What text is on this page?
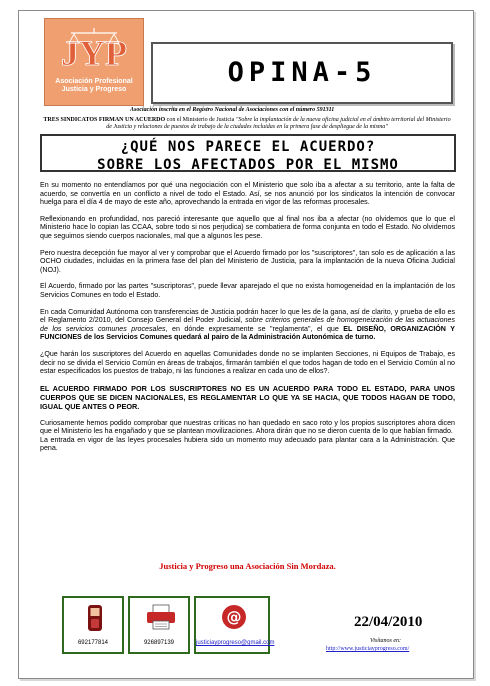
JYP
Asociación Profesional
Justicia y Progreso
OPINA-5
Asociación inscrita en el Registro Nacional de Asociaciones con el número 591311
TRES SINDICATOS FIRMAN UN ACUERDO con el Ministerio de Justicia "Sobre la implantación de la nueva oficina judicial en el ámbito territorial del Ministerio de Justicia y relaciones de puestos de trabajo de la ciudades incluidas en la primera fase de despliegue de la misma"
¿QUÉ NOS PARECE EL ACUERDO?
SOBRE LOS AFECTADOS POR EL MISMO

En su momento no entendíamos por qué una negociación con el Ministerio que solo iba a afectar a su territorio, ante la falta de acuerdo, se convertía en un conflicto a nivel de todo el Estado. Así, se nos anunció por los sindicatos la intención de convocar huelga para el día 4 de mayo de este año, aprovechando la entrada en vigor de las reformas procesales.

Reflexionando en profundidad, nos pareció interesante que aquello que al final nos iba a afectar (no olvidemos que lo que el Ministerio hace lo copian las CCAA, sobre todo si nos perjudica) se combatiera de forma conjunta en todo el Estado. No olvidemos que seguimos siendo cuerpos nacionales, mal que a algunos les pese.

Pero nuestra decepción fue mayor al ver y comprobar que el Acuerdo firmado por los "suscriptores", tan solo es de aplicación a las OCHO ciudades, incluidas en la primera fase del plan del Ministerio de Justicia, para la implantación de la nueva Oficina Judicial (NOJ).

El Acuerdo, firmado por las partes "suscriptoras", puede llevar aparejado el que no exista homogeneidad en la implantación de los Servicios Comunes en todo el Estado.

En cada Comunidad Autónoma con transferencias de Justicia podrán hacer lo que les de la gana, así de clarito, y prueba de ello es el Reglamento 2/2010, del Consejo General del Poder Judicial, sobre criterios generales de homogeneización de las actuaciones de los servicios comunes procesales, en dónde expresamente se "reglamenta", el que EL DISEÑO, ORGANIZACIÓN Y FUNCIONES de los Servicios Comunes quedará al pairo de la Administración Autonómica de turno.

¿Que harán los suscriptores del Acuerdo en aquellas Comunidades donde no se implanten Secciones, ni Equipos de Trabajo, es decir no se divida el Servicio Común en áreas de trabajos, firmarán también el que todos hagan de todo en el Servicio Común al no estar especificados los puestos de trabajo, ni las funciones a realizar en cada uno de ellos?.

EL ACUERDO FIRMADO POR LOS SUSCRIPTORES NO ES UN ACUERDO PARA TODO EL ESTADO, PARA UNOS CUERPOS QUE SE DICEN NACIONALES, ES REGLAMENTAR LO QUE YA SE HACIA, QUE TODOS HAGAN DE TODO, IGUAL QUE ANTES O PEOR.

Curiosamente hemos podido comprobar que nuestras críticas no han quedado en saco roto y los propios suscriptores ahora dicen que el Ministerio les ha engañado y que se plantean movilizaciones. Ahora dirán que no se dieron cuenta de lo que habían firmado.

La entrada en vigor de las leyes procesales hubiera sido un momento muy adecuado para plantar cara a la Administración. Que pena.

Justicia y Progreso una Asociación Sin Mordaza.
692177814	926897139
@
justiciayprogreso@gmail.com
22/04/2010
Visítanos en:
http://www.justiciayprogreso.com/
